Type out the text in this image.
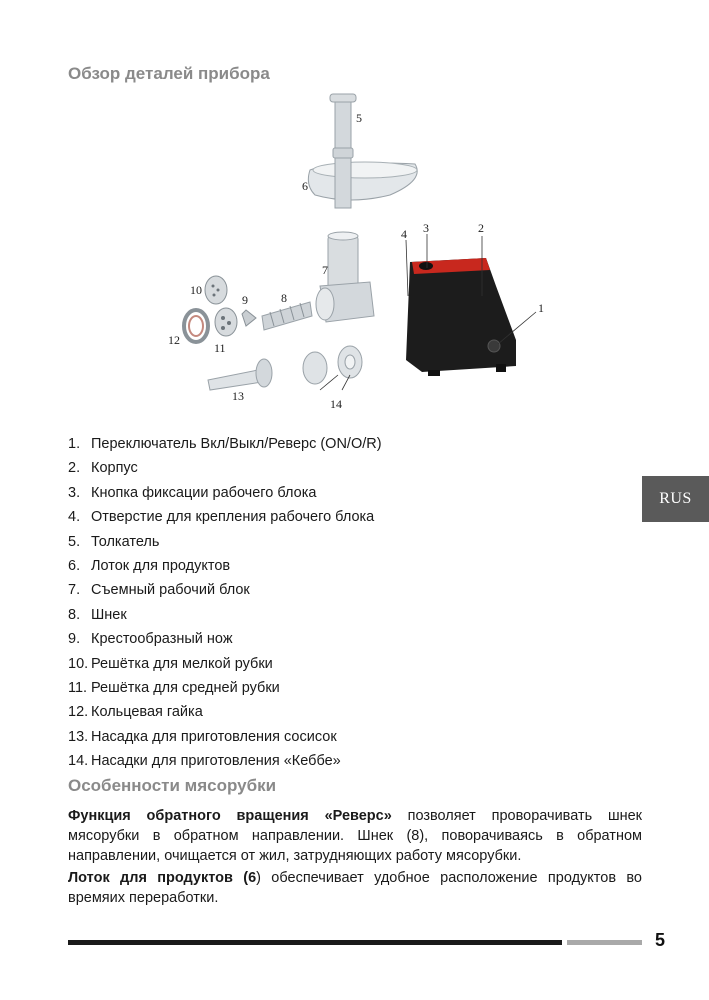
Обзор деталей прибора
1
2
3
4
5
6
7
8
9
10
11
12
13
14
1. Переключатель Вкл/Выкл/Реверс (ON/O/R)
2. Корпус
3. Кнопка фиксации рабочего блока
4. Отверстие для крепления рабочего блока
5. Толкатель
6. Лоток для продуктов
7. Съемный рабочий блок
8. Шнек
9. Крестообразный нож
10. Решётка для мелкой рубки
11. Решётка для средней рубки
12. Кольцевая гайка
13. Насадка для приготовления сосисок
14. Насадки для приготовления «Кеббе»
RUS
Особенности мясорубки

Функция обратного вращения «Реверс» позволяет проворачивать шнек мясорубки в обратном направлении. Шнек (8), поворачиваясь в обратном направлении, очищается от жил, затрудняющих работу мясорубки.

Лоток для продуктов (6) обеспечивает удобное расположение продуктов во времяих переработки.

5
